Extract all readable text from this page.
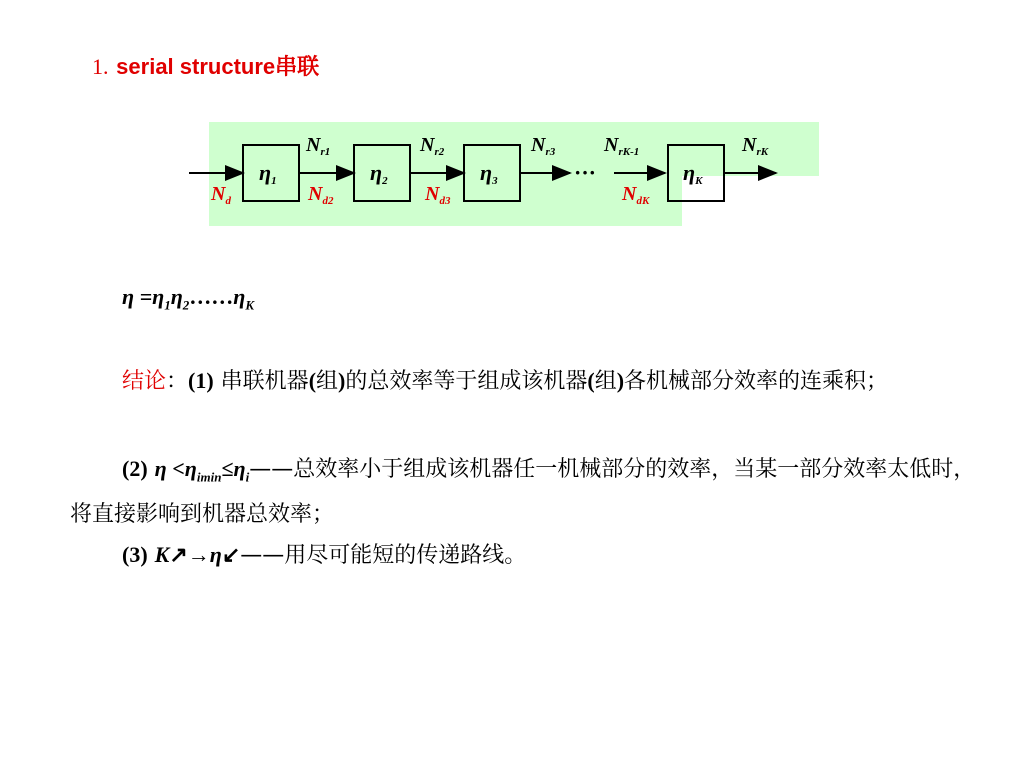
1. serial structure串联
η1	η2	η3	ηK
$N_{r1}$	$N_{r2}$	$N_{r3}$ $N_{rK-1}$	$N_{rK}$
···
$N_d$	$N_{d2}$	$N_{d3}$	$N_{dK}$
$\eta =\eta_1\eta_2\dots\dots\eta_K$
结论：(1) 串联机器(组)的总效率等于组成该机器(组)各机械部分效率的连乘积；
(2) $\eta <\eta_{imin}\le\eta_i——$总效率小于组成该机器任一机械部分的效率，当某一部分效率太低时，将直接影响到机器总效率；
(3) K↗→η↙——用尽可能短的传递路线。
